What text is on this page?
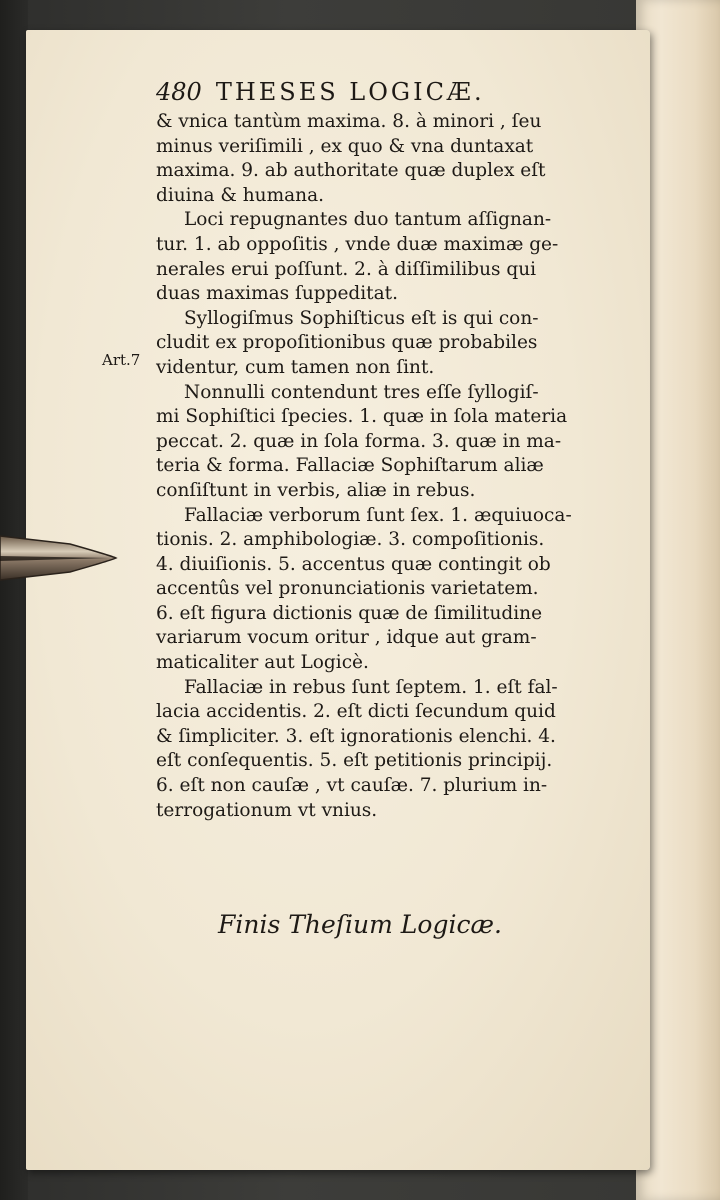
480 THESES LOGICÆ.
& vnica tantùm maxima. 8. à minori , ſeu
minus veriſimili , ex quo & vna duntaxat
maxima. 9. ab authoritate quæ duplex eſt
diuina & humana.
Loci repugnantes duo tantum aſſignan-
tur. 1. ab oppoſitis , vnde duæ maximæ ge-
nerales erui poſſunt. 2. à diſſimilibus qui
duas maximas ſuppeditat.
Syllogiſmus Sophiſticus eſt is qui con-
cludit ex propoſitionibus quæ probabiles
videntur, cum tamen non ſint.
Nonnulli contendunt tres eſſe ſyllogiſ-
mi Sophiſtici ſpecies. 1. quæ in ſola materia
peccat. 2. quæ in ſola forma. 3. quæ in ma-
teria & forma. Fallaciæ Sophiſtarum aliæ
conſiſtunt in verbis, aliæ in rebus.
Fallaciæ verborum ſunt ſex. 1. æquiuoca-
tionis. 2. amphibologiæ. 3. compoſitionis.
4. diuiſionis. 5. accentus quæ contingit ob
accentûs vel pronunciationis varietatem.
6. eſt figura dictionis quæ de ſimilitudine
variarum vocum oritur , idque aut gram-
maticaliter aut Logicè.
Fallaciæ in rebus ſunt ſeptem. 1. eſt fal-
lacia accidentis. 2. eſt dicti ſecundum quid
& ſimpliciter. 3. eſt ignorationis elenchi. 4.
eſt conſequentis. 5. eſt petitionis principij.
6. eſt non cauſæ , vt cauſæ. 7. plurium in-
terrogationum vt vnius.
Art.7
Finis Theſium Logicæ.
